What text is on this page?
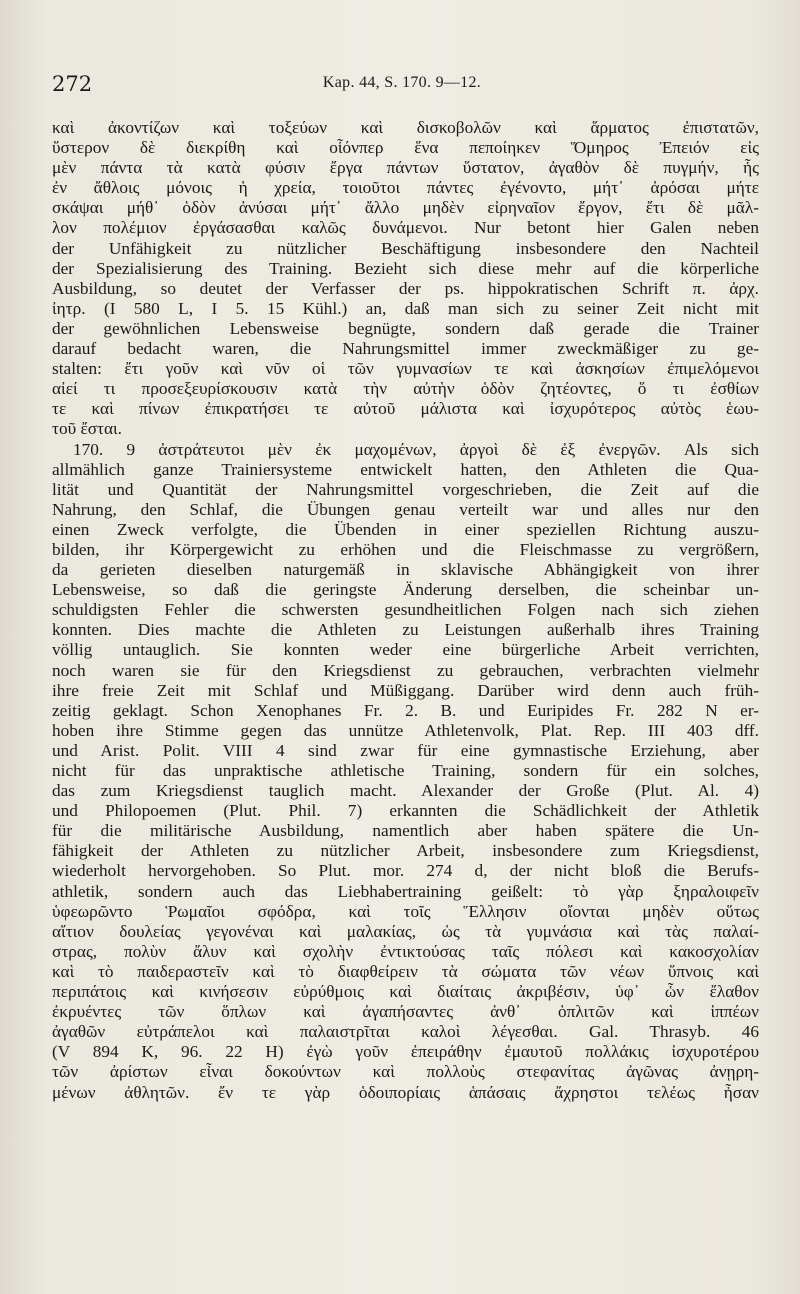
272	Kap. 44, S. 170. 9—12.
καὶ ἀκοντίζων καὶ τοξεύων καὶ δισκοβολῶν καὶ ἅρματος ἐπιστατῶν,
ὕστερον δὲ διεκρίθη καὶ οἷόνπερ ἕνα πεποίηκεν Ὅμηρος Ἐπειόν εἰς
μὲν πάντα τὰ κατὰ φύσιν ἔργα πάντων ὕστατον, ἀγαθὸν δὲ πυγμήν, ἧς
ἐν ἄθλοις μόνοις ἡ χρεία, τοιοῦτοι πάντες ἐγένοντο, μήτ᾽ ἀρόσαι μήτε
σκάψαι μήθ᾽ ὁδὸν ἀνύσαι μήτ᾽ ἄλλο μηδὲν εἰρηναῖον ἔργον, ἔτι δὲ μᾶλ-
λον πολέμιον ἐργάσασθαι καλῶς δυνάμενοι. Nur betont hier Galen neben
der Unfähigkeit zu nützlicher Beschäftigung insbesondere den Nachteil
der Spezialisierung des Training. Bezieht sich diese mehr auf die körperliche
Ausbildung, so deutet der Verfasser der ps. hippokratischen Schrift π. ἀρχ.
ἰητρ. (I 580 L, I 5. 15 Kühl.) an, daß man sich zu seiner Zeit nicht mit
der gewöhnlichen Lebensweise begnügte, sondern daß gerade die Trainer
darauf bedacht waren, die Nahrungsmittel immer zweckmäßiger zu ge-
stalten: ἔτι γοῦν καὶ νῦν οἱ τῶν γυμνασίων τε καὶ ἀσκησίων ἐπιμελόμενοι
αἰεί τι προσεξευρίσκουσιν κατὰ τὴν αὐτὴν ὁδὸν ζητέοντες, ὅ τι ἐσθίων
τε καὶ πίνων ἐπικρατήσει τε αὐτοῦ μάλιστα καὶ ἰσχυρότερος αὐτὸς ἑωυ-
τοῦ ἔσται.
170. 9 ἀστράτευτοι μὲν ἐκ μαχομένων, ἀργοὶ δὲ ἐξ ἐνεργῶν. Als sich
allmählich ganze Trainiersysteme entwickelt hatten, den Athleten die Qua-
lität und Quantität der Nahrungsmittel vorgeschrieben, die Zeit auf die
Nahrung, den Schlaf, die Übungen genau verteilt war und alles nur den
einen Zweck verfolgte, die Übenden in einer speziellen Richtung auszu-
bilden, ihr Körpergewicht zu erhöhen und die Fleischmasse zu vergrößern,
da gerieten dieselben naturgemäß in sklavische Abhängigkeit von ihrer
Lebensweise, so daß die geringste Änderung derselben, die scheinbar un-
schuldigsten Fehler die schwersten gesundheitlichen Folgen nach sich ziehen
konnten. Dies machte die Athleten zu Leistungen außerhalb ihres Training
völlig untauglich. Sie konnten weder eine bürgerliche Arbeit verrichten,
noch waren sie für den Kriegsdienst zu gebrauchen, verbrachten vielmehr
ihre freie Zeit mit Schlaf und Müßiggang. Darüber wird denn auch früh-
zeitig geklagt. Schon Xenophanes Fr. 2. B. und Euripides Fr. 282 N er-
hoben ihre Stimme gegen das unnütze Athletenvolk, Plat. Rep. III 403 dff.
und Arist. Polit. VIII 4 sind zwar für eine gymnastische Erziehung, aber
nicht für das unpraktische athletische Training, sondern für ein solches,
das zum Kriegsdienst tauglich macht. Alexander der Große (Plut. Al. 4)
und Philopoemen (Plut. Phil. 7) erkannten die Schädlichkeit der Athletik
für die militärische Ausbildung, namentlich aber haben spätere die Un-
fähigkeit der Athleten zu nützlicher Arbeit, insbesondere zum Kriegsdienst,
wiederholt hervorgehoben. So Plut. mor. 274 d, der nicht bloß die Berufs-
athletik, sondern auch das Liebhabertraining geißelt: τὸ γὰρ ξηραλοιφεῖν
ὑφεωρῶντο Ῥωμαῖοι σφόδρα, καὶ τοῖς Ἕλλησιν οἴονται μηδὲν οὕτως
αἴτιον δουλείας γεγονέναι καὶ μαλακίας, ὡς τὰ γυμνάσια καὶ τὰς παλαί-
στρας, πολὺν ἄλυν καὶ σχολὴν ἐντικτούσας ταῖς πόλεσι καὶ κακοσχολίαν
καὶ τὸ παιδεραστεῖν καὶ τὸ διαφθείρειν τὰ σώματα τῶν νέων ὕπνοις καὶ
περιπάτοις καὶ κινήσεσιν εὐρύθμοις καὶ διαίταις ἀκριβέσιν, ὑφ᾽ ὧν ἔλαθον
ἐκρυέντες τῶν ὅπλων καὶ ἀγαπήσαντες ἀνθ᾽ ὁπλιτῶν καὶ ἱππέων
ἀγαθῶν εὐτράπελοι καὶ παλαιστρῖται καλοὶ λέγεσθαι. Gal. Thrasyb. 46
(V 894 K, 96. 22 H) ἐγὼ γοῦν ἐπειράθην ἐμαυτοῦ πολλάκις ἰσχυροτέρου
τῶν ἀρίστων εἶναι δοκούντων καὶ πολλοὺς στεφανίτας ἀγῶνας ἀνῃρη-
μένων ἀθλητῶν. ἔν τε γὰρ ὁδοιπορίαις ἁπάσαις ἄχρηστοι τελέως ἦσαν
